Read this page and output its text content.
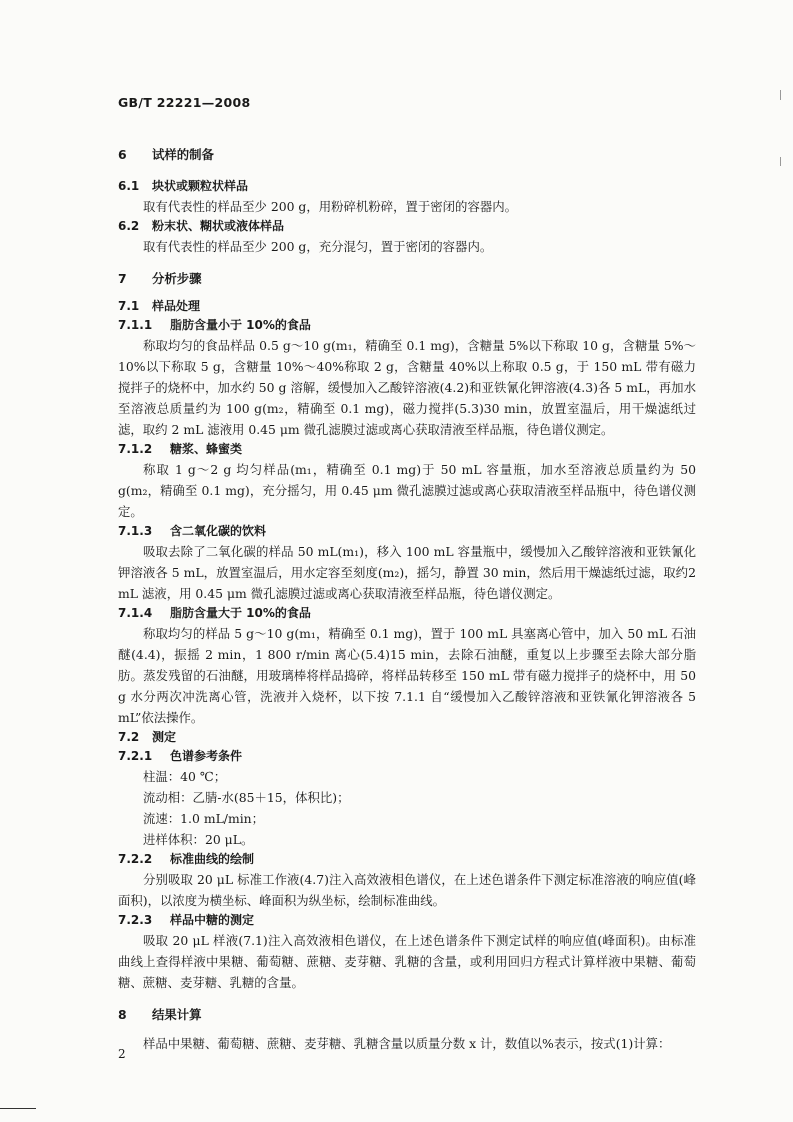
GB/T 22221—2008

6 试样的制备

6.1 块状或颗粒状样品

取有代表性的样品至少 200 g，用粉碎机粉碎，置于密闭的容器内。

6.2 粉末状、糊状或液体样品

取有代表性的样品至少 200 g，充分混匀，置于密闭的容器内。

7 分析步骤

7.1 样品处理

7.1.1 脂肪含量小于 10%的食品

称取均匀的食品样品 0.5 g～10 g(m₁，精确至 0.1 mg)，含糖量 5%以下称取 10 g，含糖量 5%～10%以下称取 5 g，含糖量 10%～40%称取 2 g，含糖量 40%以上称取 0.5 g，于 150 mL 带有磁力搅拌子的烧杯中，加水约 50 g 溶解，缓慢加入乙酸锌溶液(4.2)和亚铁氰化钾溶液(4.3)各 5 mL，再加水至溶液总质量约为 100 g(m₂，精确至 0.1 mg)，磁力搅拌(5.3)30 min，放置室温后，用干燥滤纸过滤，取约 2 mL 滤液用 0.45 μm 微孔滤膜过滤或离心获取清液至样品瓶，待色谱仪测定。

7.1.2 糖浆、蜂蜜类

称取 1 g～2 g 均匀样品(m₁，精确至 0.1 mg)于 50 mL 容量瓶，加水至溶液总质量约为 50 g(m₂，精确至 0.1 mg)，充分摇匀，用 0.45 μm 微孔滤膜过滤或离心获取清液至样品瓶中，待色谱仪测定。

7.1.3 含二氧化碳的饮料

吸取去除了二氧化碳的样品 50 mL(m₁)，移入 100 mL 容量瓶中，缓慢加入乙酸锌溶液和亚铁氰化钾溶液各 5 mL，放置室温后，用水定容至刻度(m₂)，摇匀，静置 30 min，然后用干燥滤纸过滤，取约2 mL 滤液，用 0.45 μm 微孔滤膜过滤或离心获取清液至样品瓶，待色谱仪测定。

7.1.4 脂肪含量大于 10%的食品

称取均匀的样品 5 g～10 g(m₁，精确至 0.1 mg)，置于 100 mL 具塞离心管中，加入 50 mL 石油醚(4.4)，振摇 2 min，1 800 r/min 离心(5.4)15 min，去除石油醚，重复以上步骤至去除大部分脂肪。蒸发残留的石油醚，用玻璃棒将样品捣碎，将样品转移至 150 mL 带有磁力搅拌子的烧杯中，用 50 g 水分两次冲洗离心管，洗液并入烧杯，以下按 7.1.1 自“缓慢加入乙酸锌溶液和亚铁氰化钾溶液各 5 mL”依法操作。

7.2 测定

7.2.1 色谱参考条件

柱温：40 ℃；

流动相：乙腈-水(85＋15，体积比)；

流速：1.0 mL/min；

进样体积：20 μL。

7.2.2 标准曲线的绘制

分别吸取 20 μL 标准工作液(4.7)注入高效液相色谱仪，在上述色谱条件下测定标准溶液的响应值(峰面积)，以浓度为横坐标、峰面积为纵坐标，绘制标准曲线。

7.2.3 样品中糖的测定

吸取 20 μL 样液(7.1)注入高效液相色谱仪，在上述色谱条件下测定试样的响应值(峰面积)。由标准曲线上查得样液中果糖、葡萄糖、蔗糖、麦芽糖、乳糖的含量，或利用回归方程式计算样液中果糖、葡萄糖、蔗糖、麦芽糖、乳糖的含量。

8 结果计算

样品中果糖、葡萄糖、蔗糖、麦芽糖、乳糖含量以质量分数 x 计，数值以%表示，按式(1)计算：

2
